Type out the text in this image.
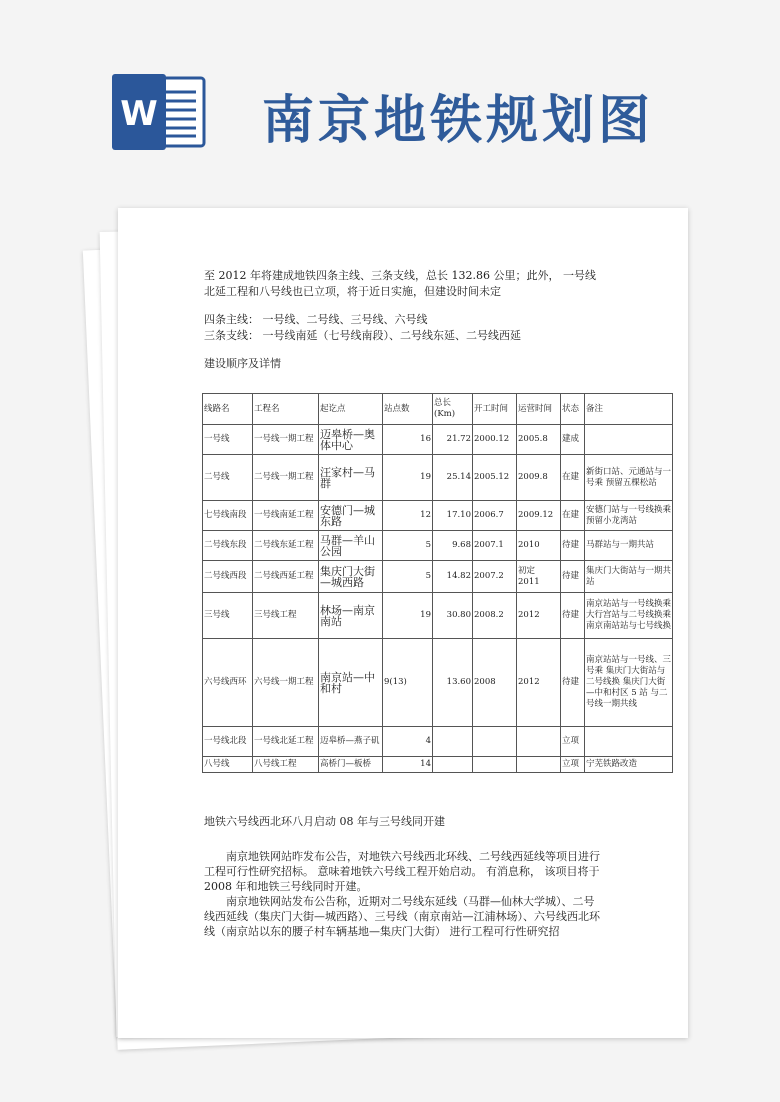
W 南京地铁规划图

至 2012 年将建成地铁四条主线、三条支线，总长 132.86 公里；此外， 一号线北延工程和八号线也已立项，将于近日实施，但建设时间未定

四条主线： 一号线、二号线、三号线、六号线

三条支线： 一号线南延（七号线南段）、二号线东延、二号线西延

建设顺序及详情

线路名	工程名	起讫点	站点数	总长 (Km)	开工时间	运营时间	状态	备注
一号线	一号线一期工程	迈皋桥—奥体中心	16	21.72	2000.12	2005.8	建成	
二号线	二号线一期工程	汪家村—马群	19	25.14	2005.12	2009.8	在建	新街口站、元通站与一号乘 预留五棵松站
七号线南段	一号线南延工程	安德门—城东路	12	17.10	2006.7	2009.12	在建	安德门站与一号线换乘 预留小龙湾站
二号线东段	二号线东延工程	马群—羊山公园	5	9.68	2007.1	2010	待建	马群站与一期共站
二号线西段	二号线西延工程	集庆门大街—城西路	5	14.82	2007.2	初定 2011	待建	集庆门大街站与一期共站
三号线	三号线工程	林场—南京南站	19	30.80	2008.2	2012	待建	南京站站与一号线换乘 大行宫站与二号线换乘 南京南站站与七号线换
六号线西环	六号线一期工程	南京站—中和村	9(13)	13.60	2008	2012	待建	南京站站与一号线、三号乘 集庆门大街站与二号线换 集庆门大街—中和村区 5 站 与二号线一期共线
一号线北段	一号线北延工程	迈皋桥—燕子矶	4				立项	
八号线	八号线工程	高桥门—板桥	14				立项	宁芜铁路改造

地铁六号线西北环八月启动 08 年与三号线同开建

南京地铁网站昨发布公告，对地铁六号线西北环线、二号线西延线等项目进行工程可行性研究招标。 意味着地铁六号线工程开始启动。 有消息称， 该项目将于 2008 年和地铁三号线同时开建。

南京地铁网站发布公告称，近期对二号线东延线（马群—仙林大学城）、二号线西延线（集庆门大街—城西路）、三号线（南京南站—江浦林场）、六号线西北环线（南京站以东的腰子村车辆基地—集庆门大街） 进行工程可行性研究招
